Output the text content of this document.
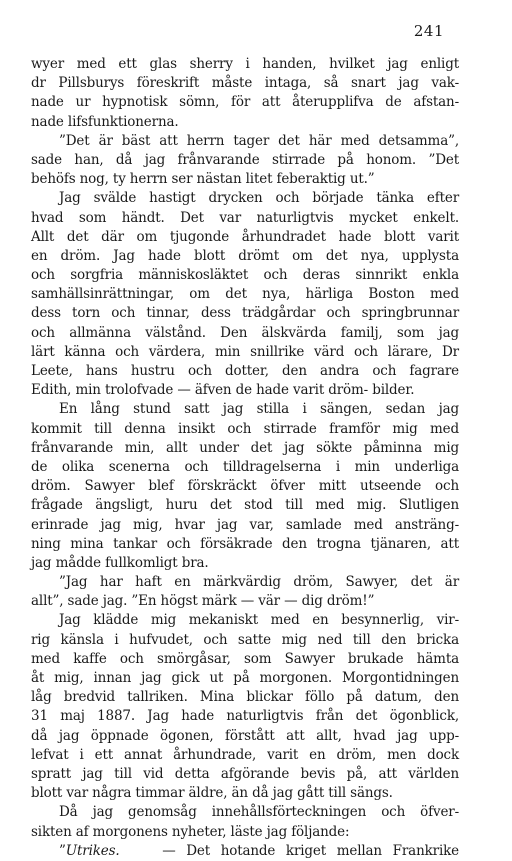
241
wyer med ett glas sherry i handen, hvilket jag enligt
dr Pillsburys föreskrift måste intaga, så snart jag vak-
nade ur hypnotisk sömn, för att återupplifva de afstan-
nade lifsfunktionerna.
”Det är bäst att herrn tager det här med detsamma”,
sade han, då jag frånvarande stirrade på honom. ”Det
behöfs nog, ty herrn ser nästan litet feberaktig ut.”
Jag svälde hastigt drycken och började tänka efter
hvad som händt. Det var naturligtvis mycket enkelt.
Allt det där om tjugonde århundradet hade blott varit
en dröm. Jag hade blott drömt om det nya, upplysta
och sorgfria människosläktet och deras sinnrikt enkla
samhällsinrättningar, om det nya, härliga Boston med
dess torn och tinnar, dess trädgårdar och springbrunnar
och allmänna välstånd. Den älskvärda familj, som jag
lärt känna och värdera, min snillrike värd och lärare, Dr
Leete, hans hustru och dotter, den andra och fagrare
Edith, min trolofvade — äfven de hade varit dröm- bilder.
En lång stund satt jag stilla i sängen, sedan jag
kommit till denna insikt och stirrade framför mig med
frånvarande min, allt under det jag sökte påminna mig
de olika scenerna och tilldragelserna i min underliga
dröm. Sawyer blef förskräckt öfver mitt utseende och
frågade ängsligt, huru det stod till med mig. Slutligen
erinrade jag mig, hvar jag var, samlade med ansträng-
ning mina tankar och försäkrade den trogna tjänaren, att
jag mådde fullkomligt bra.
”Jag har haft en märkvärdig dröm, Sawyer, det är
allt”, sade jag. ”En högst märk — vär — dig dröm!”
Jag klädde mig mekaniskt med en besynnerlig, vir-
rig känsla i hufvudet, och satte mig ned till den bricka
med kaffe och smörgåsar, som Sawyer brukade hämta
åt mig, innan jag gick ut på morgonen. Morgontidningen
låg bredvid tallriken. Mina blickar föllo på datum, den
31 maj 1887. Jag hade naturligtvis från det ögonblick,
då jag öppnade ögonen, förstått att allt, hvad jag upp-
lefvat i ett annat århundrade, varit en dröm, men dock
spratt jag till vid detta afgörande bevis på, att världen
blott var några timmar äldre, än då jag gått till sängs.
Då jag genomsåg innehållsförteckningen och öfver-
sikten af morgonens nyheter, läste jag följande:
”Utrikes.	— Det hotande kriget mellan Frankrike
